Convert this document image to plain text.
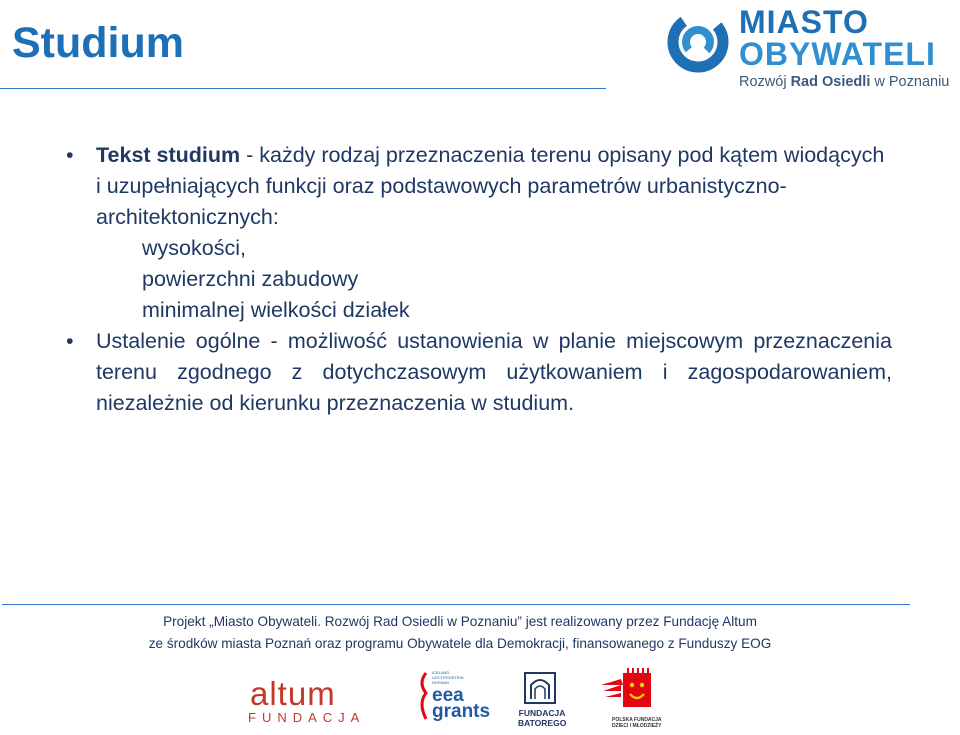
Studium	MIASTO
OBYWATELI
Rozwój Rad Osiedli w Poznaniu
• Tekst studium - każdy rodzaj przeznaczenia terenu opisany pod kątem wiodących i uzupełniających funkcji oraz podstawowych parametrów urbanistyczno-architektonicznych:
wysokości,
powierzchni zabudowy
minimalnej wielkości działek
• Ustalenie ogólne - możliwość ustanowienia w planie miejscowym przeznaczenia terenu zgodnego z dotychczasowym użytkowaniem i zagospodarowaniem, niezależnie od kierunku przeznaczenia w studium.
Projekt „Miasto Obywateli. Rozwój Rad Osiedli w Poznaniu” jest realizowany przez Fundację Altum
ze środków miasta Poznań oraz programu Obywatele dla Demokracji, finansowanego z Funduszy EOG
altum
FUNDACJA
ICELAND LIECHTENSTEIN NORWAY
eea
grants	FUNDACJA
BATOREGO	POLSKA FUNDACJA
DZIECI I MŁODZIEŻY
